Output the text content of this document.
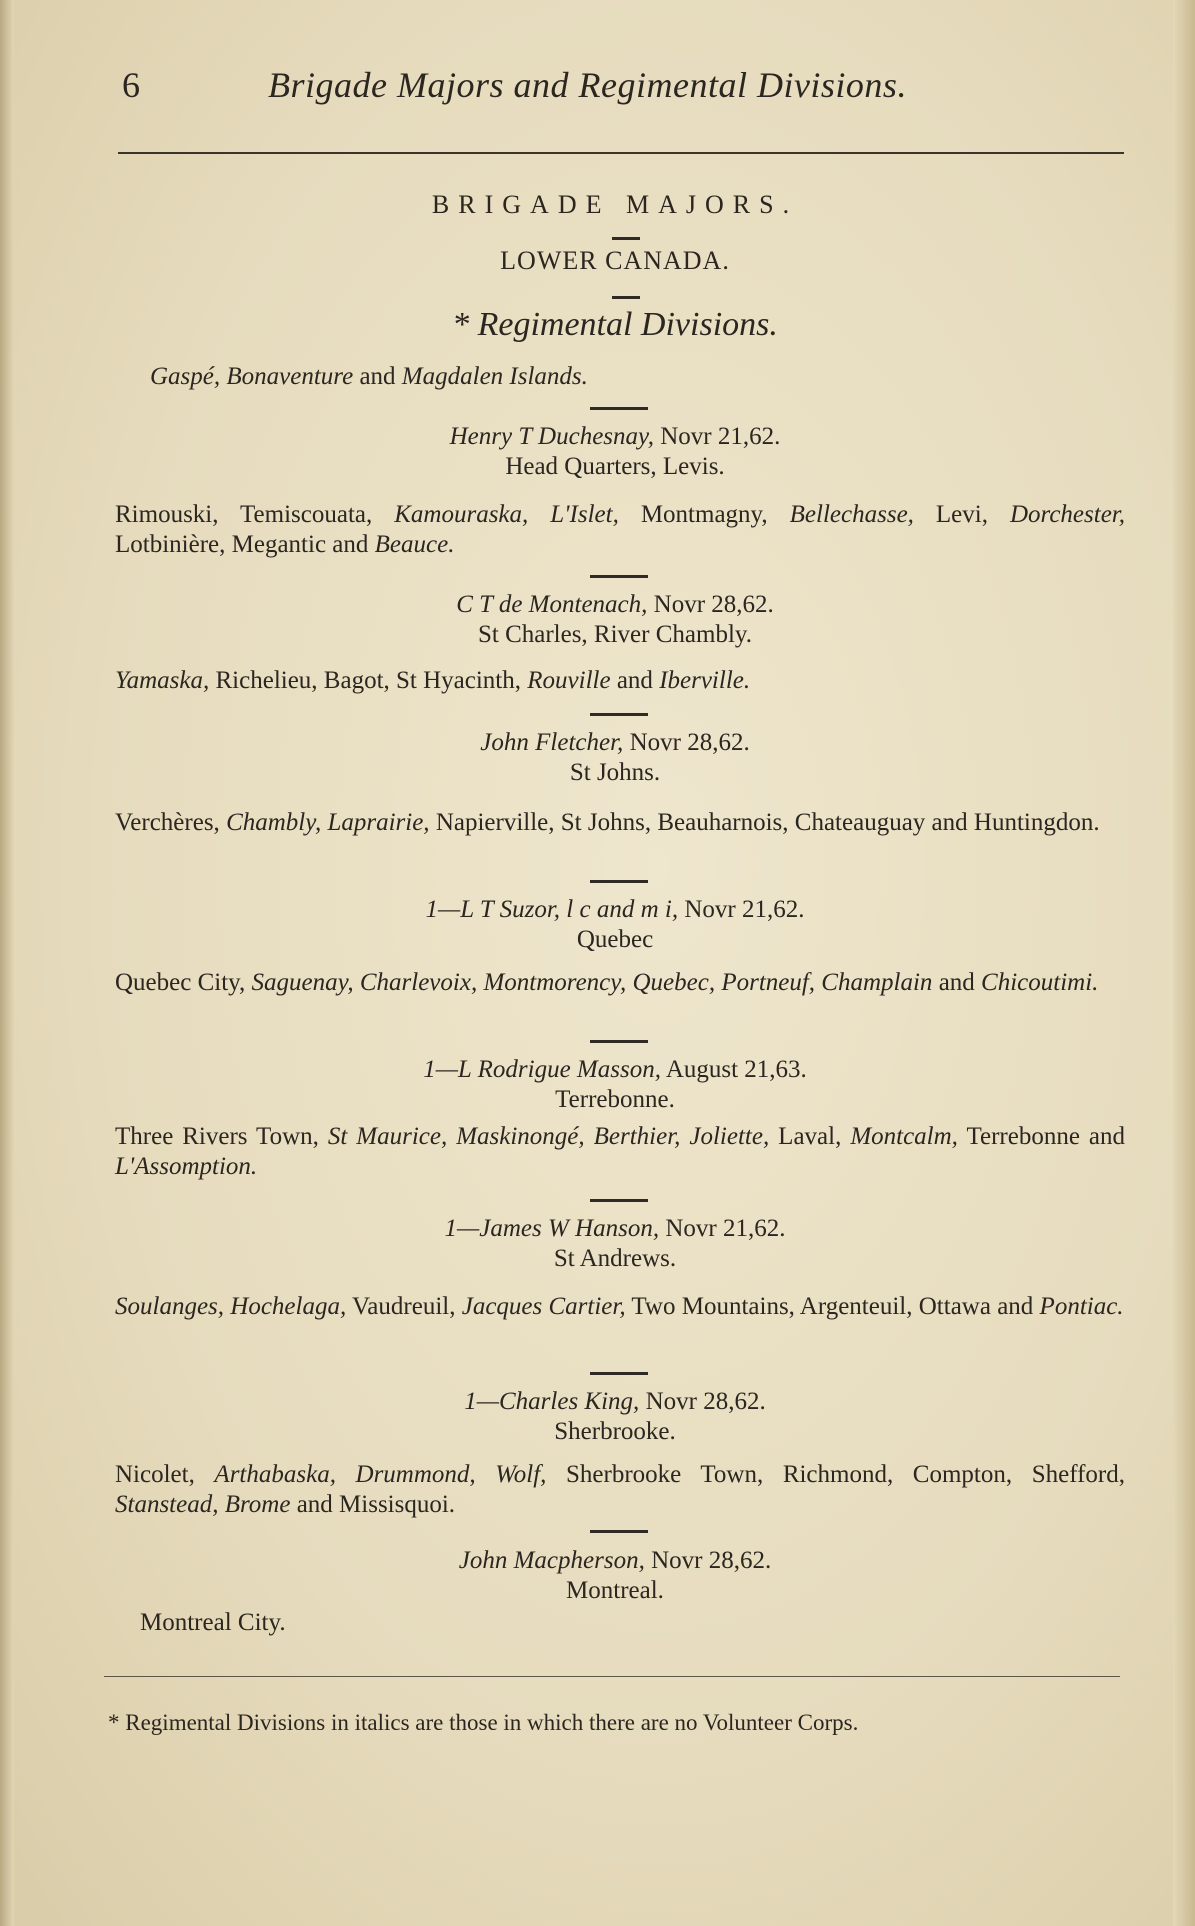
6	Brigade Majors and Regimental Divisions.
BRIGADE MAJORS.
LOWER CANADA.
* Regimental Divisions.
Gaspé, Bonaventure and Magdalen Islands.
Henry T Duchesnay, Novr 21,62.
Head Quarters, Levis.
Rimouski, Temiscouata, Kamouraska, L'Islet, Montmagny, Bellechasse, Levi, Dorchester, Lotbinière, Megantic and Beauce.
C T de Montenach, Novr 28,62.
St Charles, River Chambly.
Yamaska, Richelieu, Bagot, St Hyacinth, Rouville and Iberville.
John Fletcher, Novr 28,62.
St Johns.
Verchères, Chambly, Laprairie, Napierville, St Johns, Beauharnois, Chateauguay and Huntingdon.
1—L T Suzor, l c and m i, Novr 21,62.
Quebec
Quebec City, Saguenay, Charlevoix, Montmorency, Quebec, Portneuf, Champlain and Chicoutimi.
1—L Rodrigue Masson, August 21,63.
Terrebonne.
Three Rivers Town, St Maurice, Maskinongé, Berthier, Joliette, Laval, Montcalm, Terrebonne and L'Assomption.
1—James W Hanson, Novr 21,62.
St Andrews.
Soulanges, Hochelaga, Vaudreuil, Jacques Cartier, Two Mountains, Argenteuil, Ottawa and Pontiac.
1—Charles King, Novr 28,62.
Sherbrooke.
Nicolet, Arthabaska, Drummond, Wolf, Sherbrooke Town, Richmond, Compton, Shefford, Stanstead, Brome and Missisquoi.
John Macpherson, Novr 28,62.
Montreal.
Montreal City.
* Regimental Divisions in italics are those in which there are no Volunteer Corps.
